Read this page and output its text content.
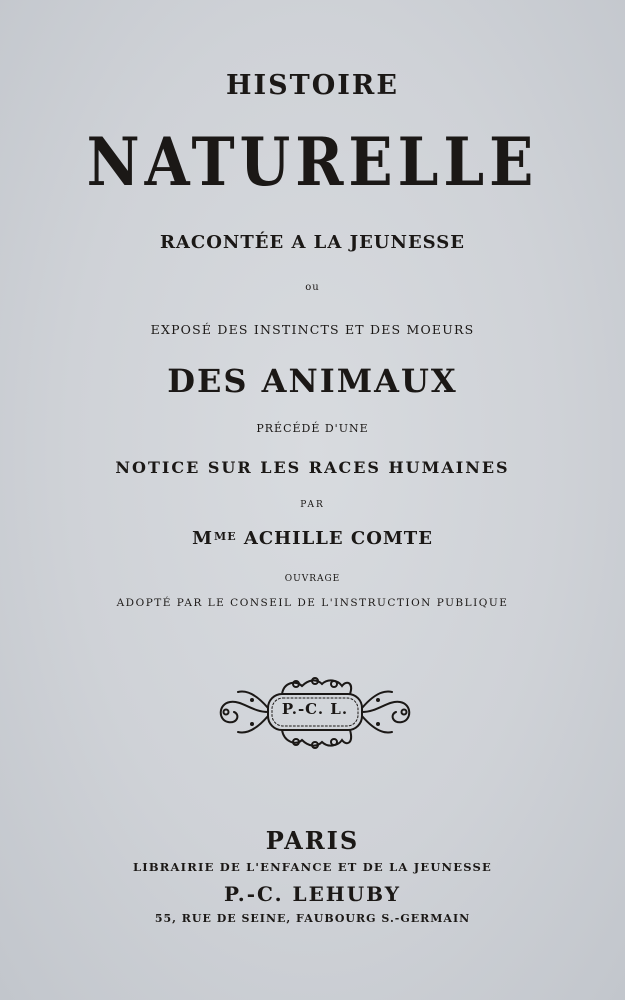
HISTOIRE
NATURELLE
RACONTÉE A LA JEUNESSE
ou
EXPOSÉ DES INSTINCTS ET DES MOEURS
DES ANIMAUX
PRÉCÉDÉ D'UNE
NOTICE SUR LES RACES HUMAINES
PAR
$M^{ME}$ ACHILLE COMTE
OUVRAGE
ADOPTÉ PAR LE CONSEIL DE L'INSTRUCTION PUBLIQUE
P.-C. L.
PARIS
LIBRAIRIE DE L'ENFANCE ET DE LA JEUNESSE
P.-C. LEHUBY
55, RUE DE SEINE, FAUBOURG S.-GERMAIN
